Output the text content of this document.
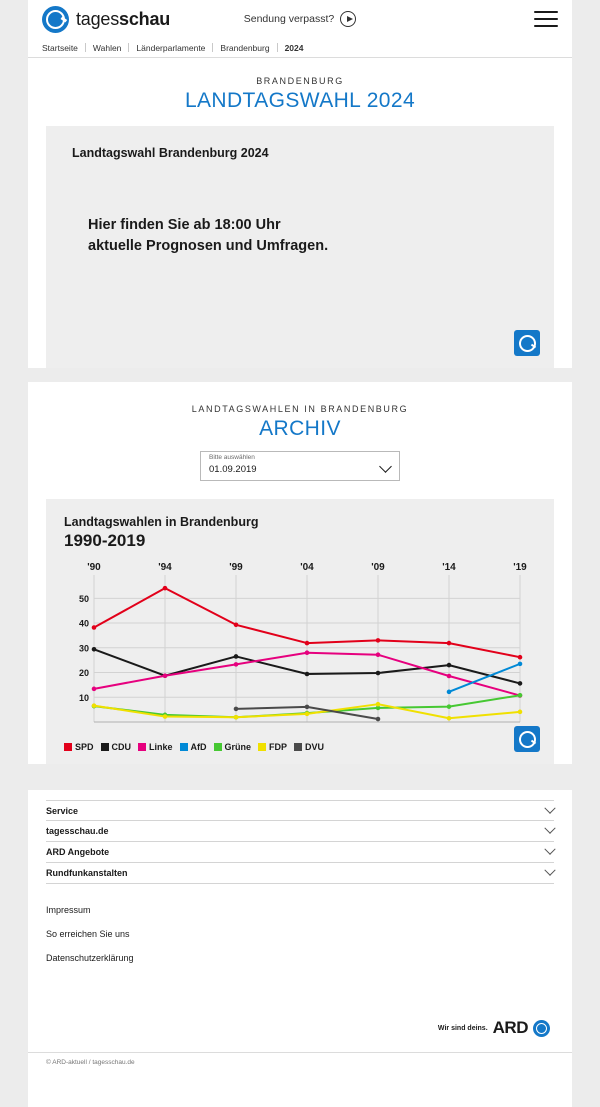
tagesschau	Sendung verpasst?
Startseite	Wahlen	Länderparlamente	Brandenburg	2024
BRANDENBURG
LANDTAGSWAHL 2024
Landtagswahl Brandenburg 2024
Hier finden Sie ab 18:00 Uhr
aktuelle Prognosen und Umfragen.
LANDTAGSWAHLEN IN BRANDENBURG
ARCHIV
Bitte auswählen
01.09.2019
Landtagswahlen in Brandenburg
1990-2019
'90	'94	'99	'04	'09	'14	'19
10
20
30
40
50
SPD CDU Linke AfD Grüne FDP DVU
Service
tagesschau.de
ARD Angebote
Rundfunkanstalten
Impressum
So erreichen Sie uns
Datenschutzerklärung
Wir sind deins. ARD
© ARD-aktuell / tagesschau.de
